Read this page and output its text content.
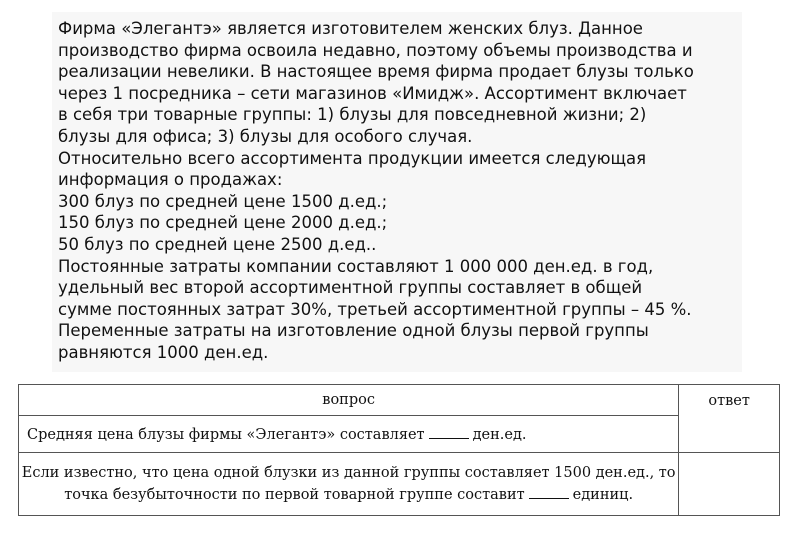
Фирма «Элегантэ» является изготовителем женских блуз. Данное

производство фирма освоила недавно, поэтому объемы производства и

реализации невелики. В настоящее время фирма продает блузы только

через 1 посредника – сети магазинов «Имидж». Ассортимент включает

в себя три товарные группы: 1) блузы для повседневной жизни; 2)

блузы для офиса; 3) блузы для особого случая.

Относительно всего ассортимента продукции имеется следующая

информация о продажах:

300 блуз по средней цене 1500 д.ед.;

150 блуз по средней цене 2000 д.ед.;

50 блуз по средней цене 2500 д.ед..

Постоянные затраты компании составляют 1 000 000 ден.ед. в год,

удельный вес второй ассортиментной группы составляет в общей

сумме постоянных затрат 30%, третьей ассортиментной группы – 45 %.

Переменные затраты на изготовление одной блузы первой группы

равняются 1000 ден.ед.

вопрос	ответ
Средняя цена блузы фирмы «Элегантэ» составляет ден.ед.	
Если известно, что цена одной блузки из данной группы составляет 1500 ден.ед., то
точка безубыточности по первой товарной группе составит единиц.	
